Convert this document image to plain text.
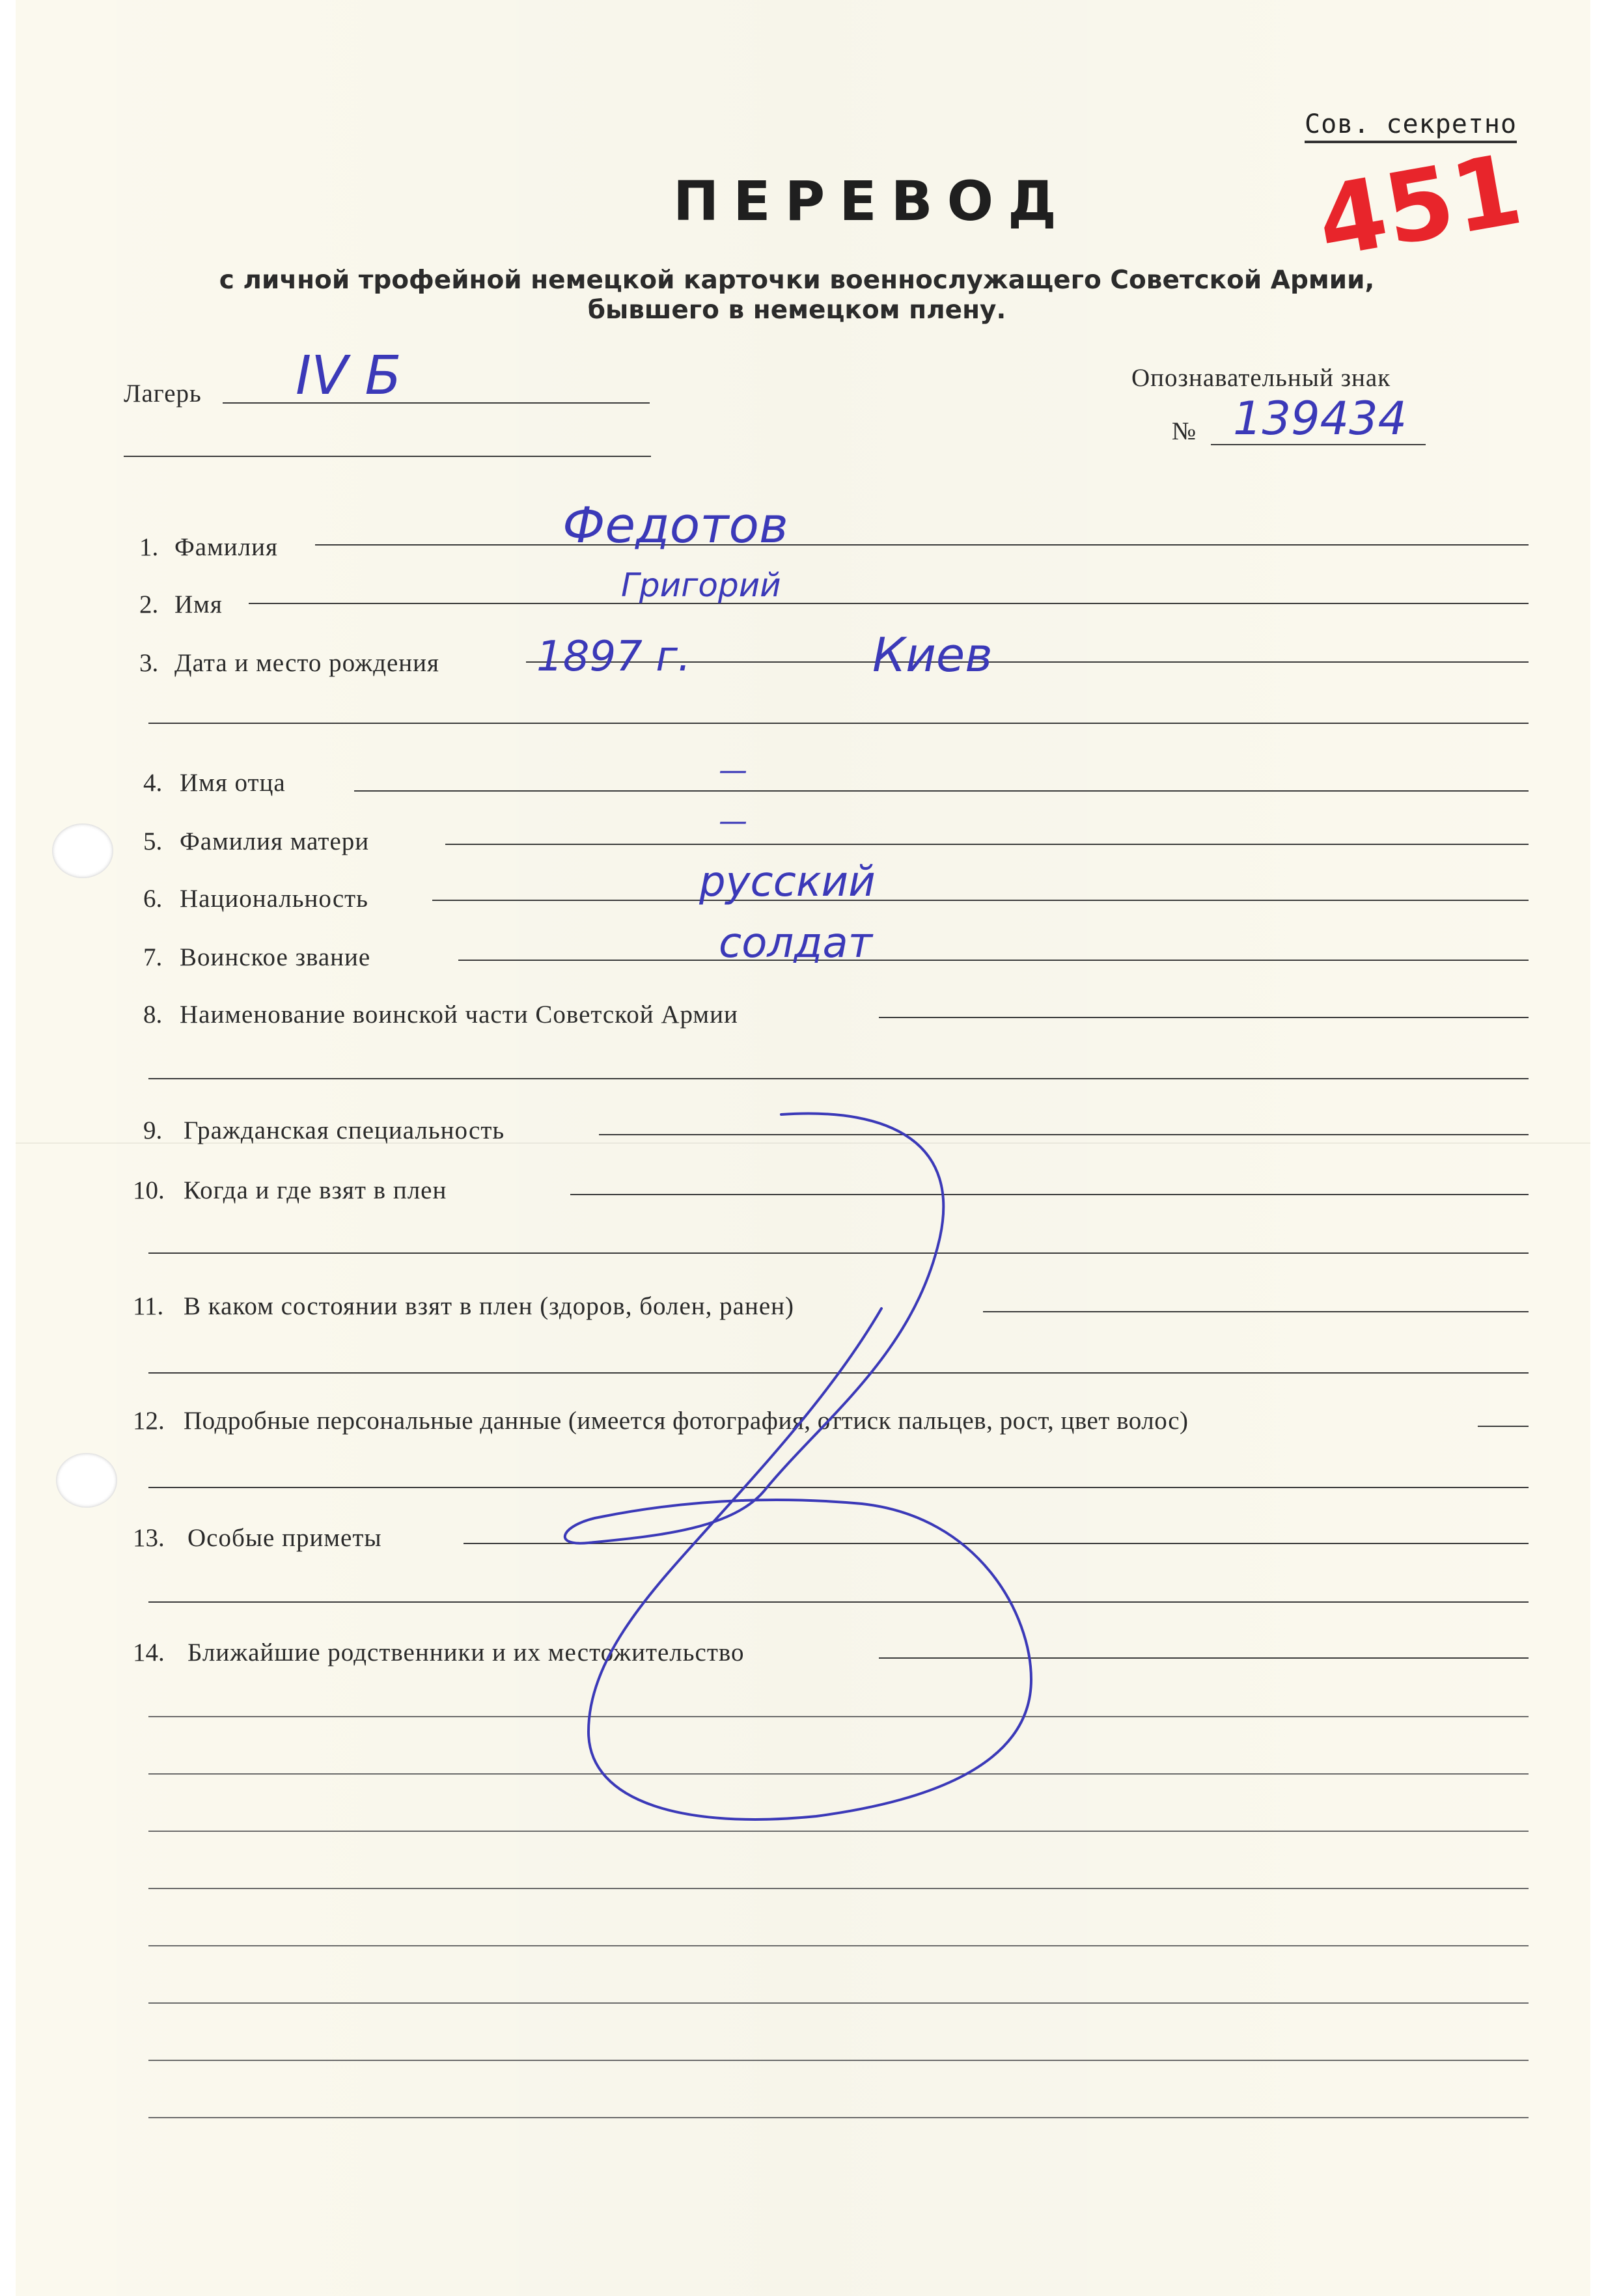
Сов. секретно
ПЕРЕВОД
с личной трофейной немецкой карточки военнослужащего Советской Армии,
бывшего в немецком плену.
Лагерь IV Б	Опознавательный знак
№ 139434
451
1. Фамилия	Федотов
2. Имя
Григорий
3. Дата и место рождения 1897 г.	Киев
4. Имя отца	—
5. Фамилия матери
—
6. Национальность	русский
7. Воинское звание	солдат
8. Наименование воинской части Советской Армии
9. Гражданская специальность
10. Когда и где взят в плен
11. В каком состоянии взят в плен (здоров, болен, ранен)
12. Подробные персональные данные (имеется фотография, оттиск пальцев, рост, цвет волос)
13. Особые приметы
14. Ближайшие родственники и их местожительство
